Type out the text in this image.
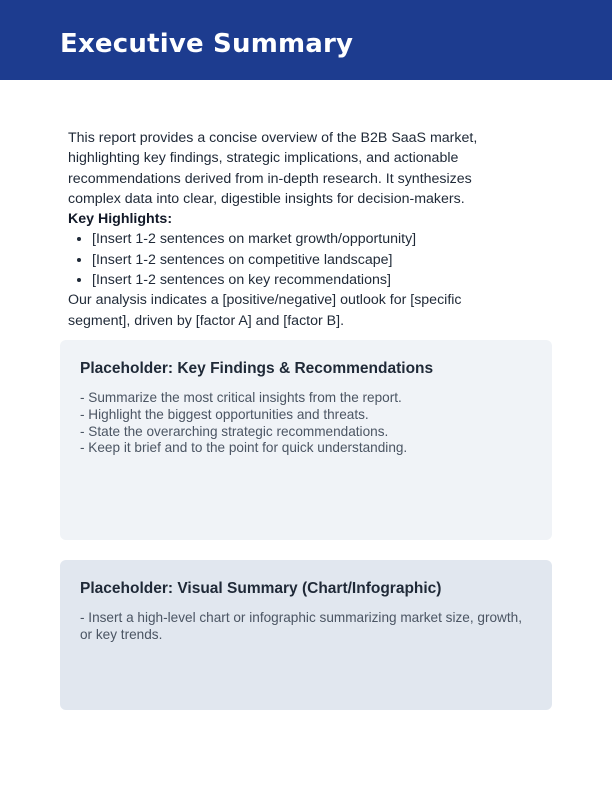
Executive Summary

This report provides a concise overview of the B2B SaaS market, highlighting key findings, strategic implications, and actionable recommendations derived from in-depth research. It synthesizes complex data into clear, digestible insights for decision-makers.

Key Highlights:

• [Insert 1-2 sentences on market growth/opportunity]
• [Insert 1-2 sentences on competitive landscape]
• [Insert 1-2 sentences on key recommendations]

Our analysis indicates a [positive/negative] outlook for [specific segment], driven by [factor A] and [factor B].

Placeholder: Key Findings & Recommendations
- Summarize the most critical insights from the report.
- Highlight the biggest opportunities and threats.
- State the overarching strategic recommendations.
- Keep it brief and to the point for quick understanding.
Placeholder: Visual Summary (Chart/Infographic)
- Insert a high-level chart or infographic summarizing market size, growth, or key trends.
